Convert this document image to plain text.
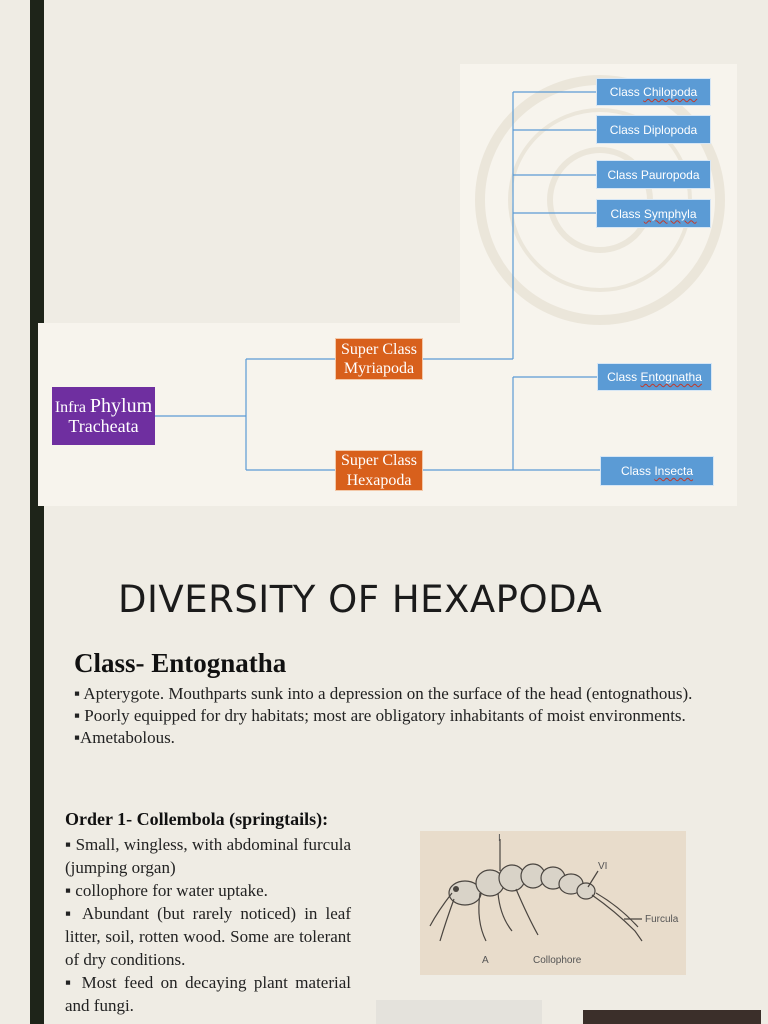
Infra Phylum
Tracheata
Super Class
Myriapoda
Super Class
Hexapoda
Class Chilopoda
Class Diplopoda
Class Pauropoda
Class Symphyla
Class Entognatha
Class Insecta
DIVERSITY OF HEXAPODA
Class- Entognatha

▪ Apterygote. Mouthparts sunk into a depression on the surface of the head (entognathous).

▪ Poorly equipped for dry habitats; most are obligatory inhabitants of moist environments.

▪Ametabolous.

Order 1- Collembola (springtails):

▪ Small, wingless, with abdominal furcula (jumping organ)

▪ collophore for water uptake.

▪ Abundant (but rarely noticed) in leaf litter, soil, rotten wood. Some are tolerant of dry conditions.

▪ Most feed on decaying plant material and fungi.

I
VI
Furcula
A	Collophore
